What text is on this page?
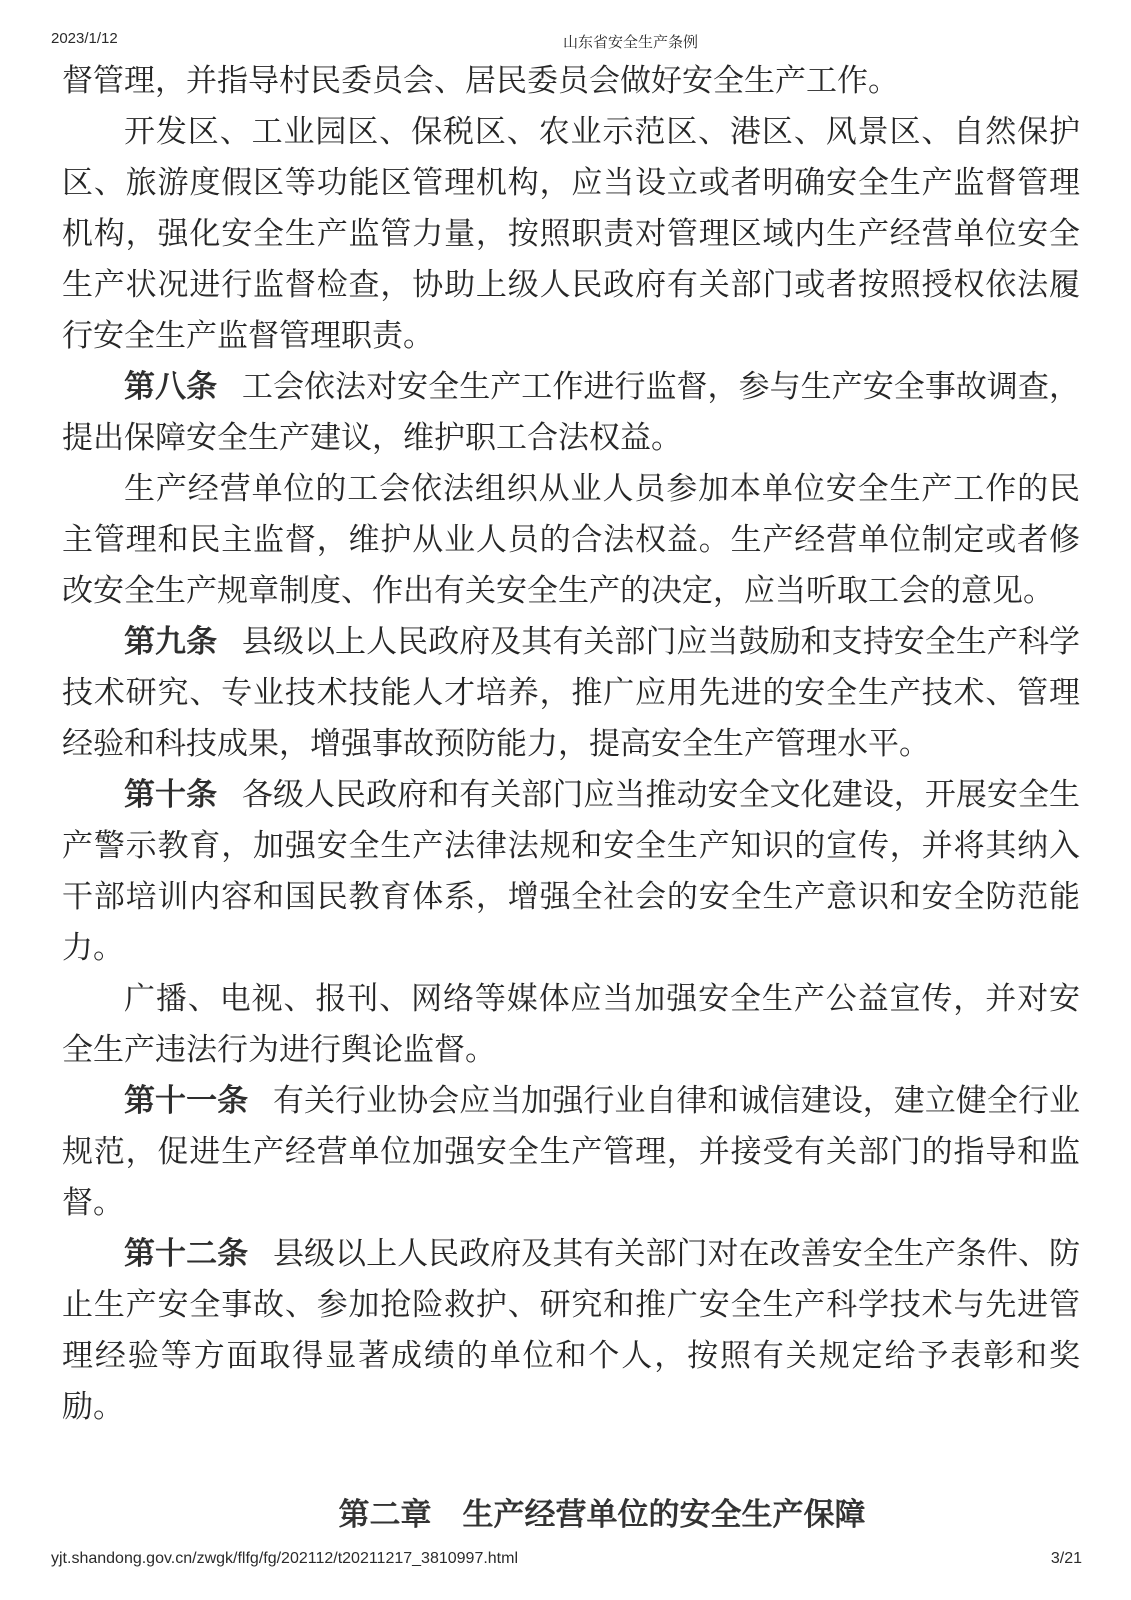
2023/1/12	山东省安全生产条例

督管理，并指导村民委员会、居民委员会做好安全生产工作。

开发区、工业园区、保税区、农业示范区、港区、风景区、自然保护区、旅游度假区等功能区管理机构，应当设立或者明确安全生产监督管理机构，强化安全生产监管力量，按照职责对管理区域内生产经营单位安全生产状况进行监督检查，协助上级人民政府有关部门或者按照授权依法履行安全生产监督管理职责。

第八条 工会依法对安全生产工作进行监督，参与生产安全事故调查，提出保障安全生产建议，维护职工合法权益。

生产经营单位的工会依法组织从业人员参加本单位安全生产工作的民主管理和民主监督，维护从业人员的合法权益。生产经营单位制定或者修改安全生产规章制度、作出有关安全生产的决定，应当听取工会的意见。

第九条 县级以上人民政府及其有关部门应当鼓励和支持安全生产科学技术研究、专业技术技能人才培养，推广应用先进的安全生产技术、管理经验和科技成果，增强事故预防能力，提高安全生产管理水平。

第十条 各级人民政府和有关部门应当推动安全文化建设，开展安全生产警示教育，加强安全生产法律法规和安全生产知识的宣传，并将其纳入干部培训内容和国民教育体系，增强全社会的安全生产意识和安全防范能力。

广播、电视、报刊、网络等媒体应当加强安全生产公益宣传，并对安全生产违法行为进行舆论监督。

第十一条 有关行业协会应当加强行业自律和诚信建设，建立健全行业规范，促进生产经营单位加强安全生产管理，并接受有关部门的指导和监督。

第十二条 县级以上人民政府及其有关部门对在改善安全生产条件、防止生产安全事故、参加抢险救护、研究和推广安全生产科学技术与先进管理经验等方面取得显著成绩的单位和个人，按照有关规定给予表彰和奖励。

第二章 生产经营单位的安全生产保障

yjt.shandong.gov.cn/zwgk/flfg/fg/202112/t20211217_3810997.html	3/21
